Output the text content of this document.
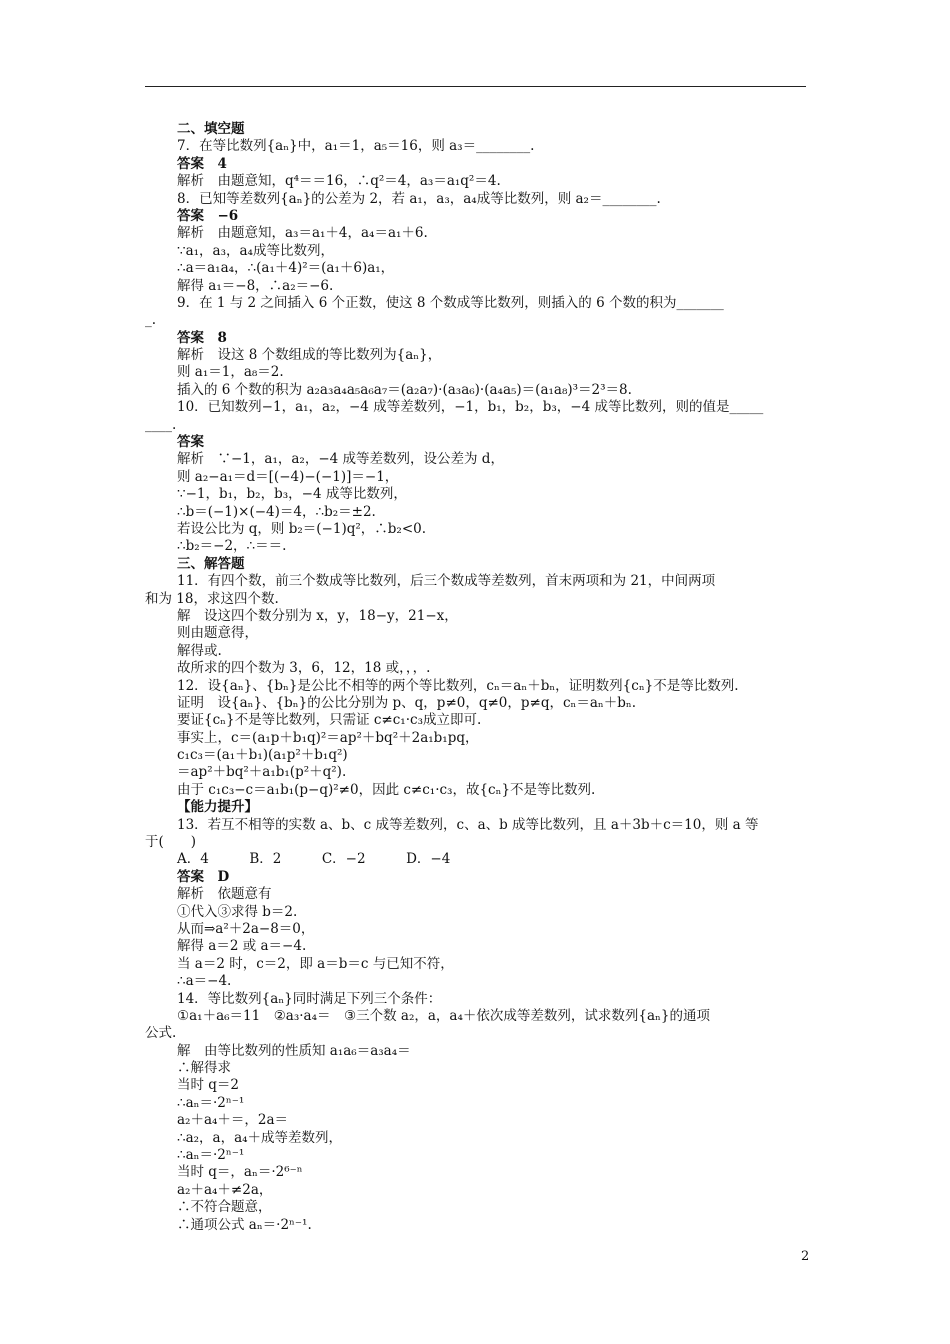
二、填空题
7．在等比数列{aₙ}中，a₁＝1，a₅＝16，则 a₃＝________.
答案　4
解析　由题意知，q⁴＝＝16，∴q²＝4，a₃＝a₁q²＝4.
8．已知等差数列{aₙ}的公差为 2，若 a₁，a₃，a₄成等比数列，则 a₂＝________.
答案　−6
解析　由题意知，a₃＝a₁＋4，a₄＝a₁＋6.
∵a₁，a₃，a₄成等比数列，
∴a＝a₁a₄，∴(a₁＋4)²＝(a₁＋6)a₁，
解得 a₁＝−8，∴a₂＝−6.
9．在 1 与 2 之间插入 6 个正数，使这 8 个数成等比数列，则插入的 6 个数的积为_______
_.
答案　8
解析　设这 8 个数组成的等比数列为{aₙ}，
则 a₁＝1，a₈＝2.
插入的 6 个数的积为 a₂a₃a₄a₅a₆a₇＝(a₂a₇)·(a₃a₆)·(a₄a₅)＝(a₁a₈)³＝2³＝8.
10．已知数列−1，a₁，a₂，−4 成等差数列，−1，b₁，b₂，b₃，−4 成等比数列，则的值是_____
____.
答案
解析　∵−1，a₁，a₂，−4 成等差数列，设公差为 d，
则 a₂−a₁＝d＝[(−4)−(−1)]＝−1，
∵−1，b₁，b₂，b₃，−4 成等比数列，
∴b＝(−1)×(−4)＝4，∴b₂＝±2.
若设公比为 q，则 b₂＝(−1)q²，∴b₂<0.
∴b₂＝−2，∴＝＝.
三、解答题
11．有四个数，前三个数成等比数列，后三个数成等差数列，首末两项和为 21，中间两项
和为 18，求这四个数.
解　设这四个数分别为 x，y，18−y，21−x，
则由题意得，
解得或.
故所求的四个数为 3，6，12，18 或，，，.
12．设{aₙ}、{bₙ}是公比不相等的两个等比数列，cₙ＝aₙ＋bₙ，证明数列{cₙ}不是等比数列.
证明　设{aₙ}、{bₙ}的公比分别为 p、q，p≠0，q≠0，p≠q，cₙ＝aₙ＋bₙ.
要证{cₙ}不是等比数列，只需证 c≠c₁·c₃成立即可.
事实上，c＝(a₁p＋b₁q)²＝ap²＋bq²＋2a₁b₁pq，
c₁c₃＝(a₁＋b₁)(a₁p²＋b₁q²)
＝ap²＋bq²＋a₁b₁(p²＋q²).
由于 c₁c₃−c＝a₁b₁(p−q)²≠0，因此 c≠c₁·c₃，故{cₙ}不是等比数列.
【能力提升】
13．若互不相等的实数 a、b、c 成等差数列，c、a、b 成等比数列，且 a＋3b＋c＝10，则 a 等
于(　　)
A．4　　　B．2　　　C．−2　　　D．−4
答案　D
解析　依题意有
①代入③求得 b＝2.
从而⇒a²＋2a−8＝0，
解得 a＝2 或 a＝−4.
当 a＝2 时，c＝2，即 a＝b＝c 与已知不符，
∴a＝−4.
14．等比数列{aₙ}同时满足下列三个条件：
①a₁＋a₆＝11　②a₃·a₄＝　③三个数 a₂，a，a₄＋依次成等差数列，试求数列{aₙ}的通项
公式.
解　由等比数列的性质知 a₁a₆＝a₃a₄＝
∴解得求
当时 q＝2
∴aₙ＝·2ⁿ⁻¹
a₂＋a₄＋＝，2a＝
∴a₂，a，a₄＋成等差数列，
∴aₙ＝·2ⁿ⁻¹
当时 q＝，aₙ＝·2⁶⁻ⁿ
a₂＋a₄＋≠2a，
∴不符合题意，
∴通项公式 aₙ＝·2ⁿ⁻¹.
2
